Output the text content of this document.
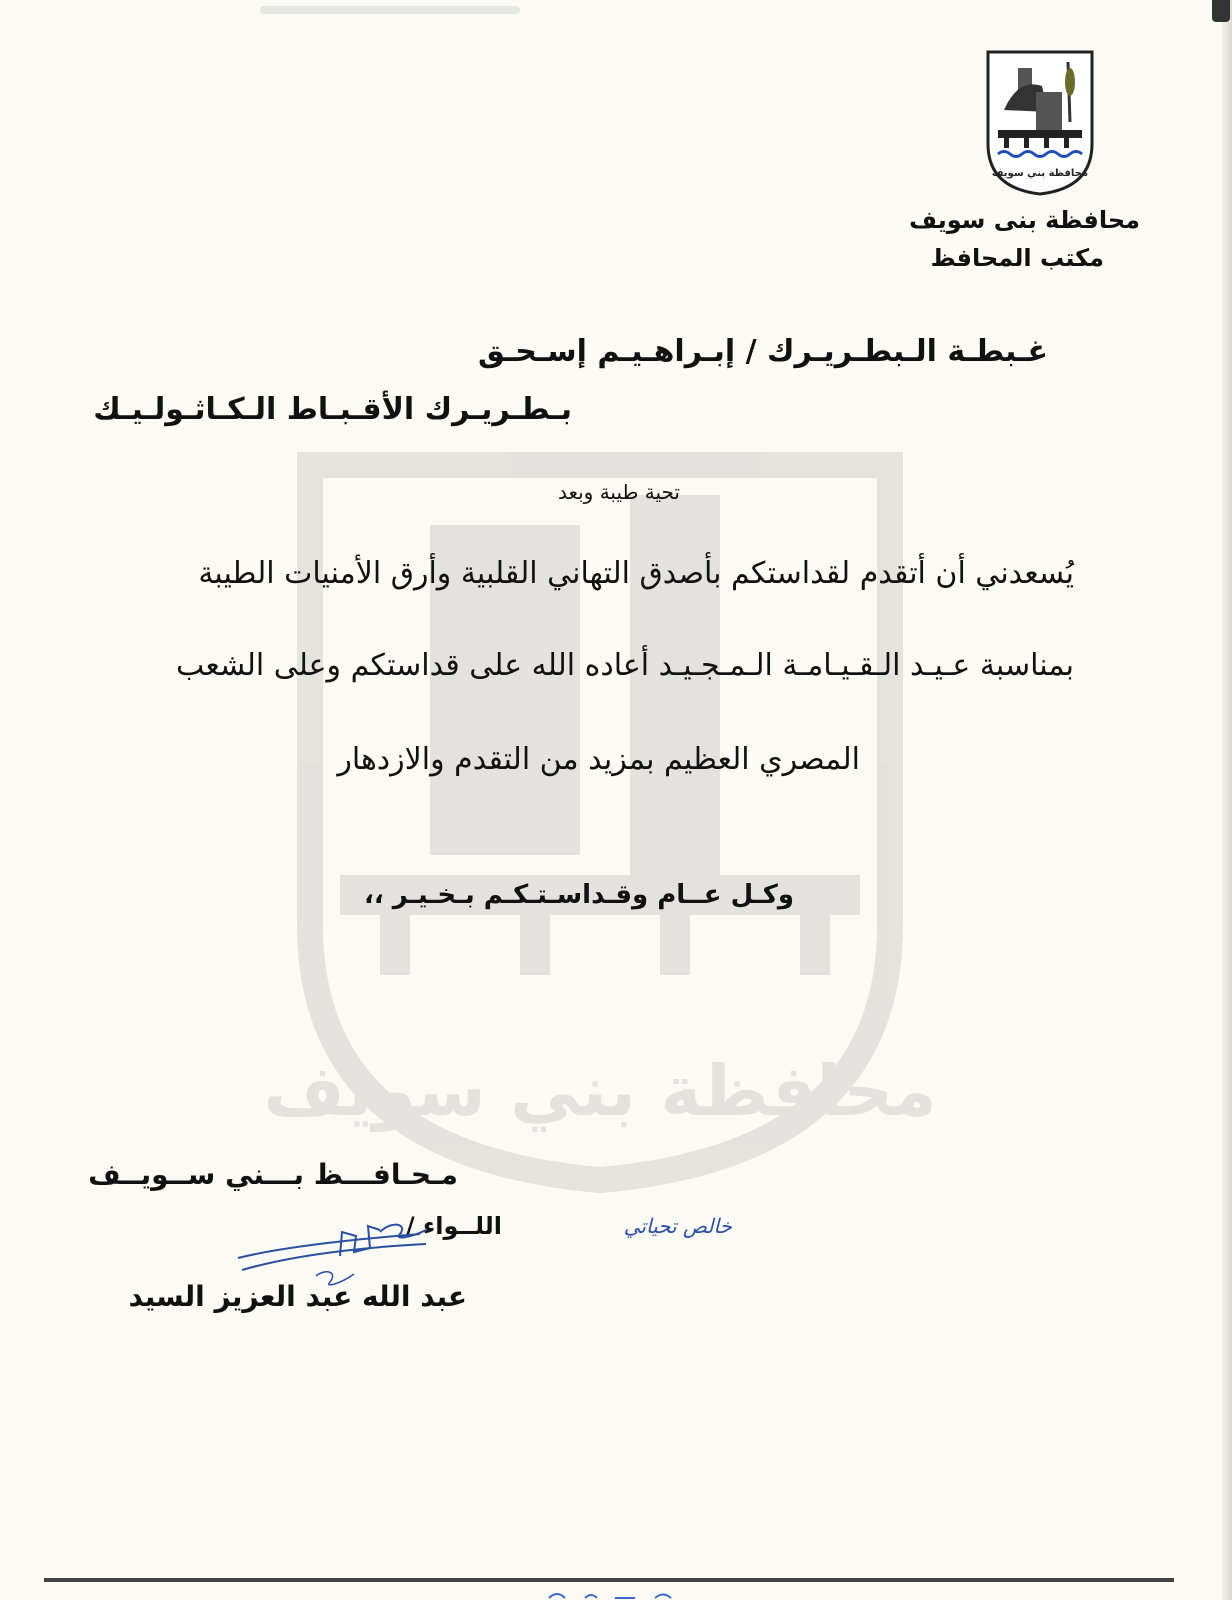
محافظة بني سويف
محافظة بني سويف
محافظة بنى سويف
مكتب المحافظ
غـبطـة الـبطـريـرك / إبـراهـيـم إسـحـق
بـطـريـرك الأقـبـاط الـكـاثـولـيـك
تحية طيبة وبعد
يُسعدني أن أتقدم لقداستكم بأصدق التهاني القلبية وأرق الأمنيات الطيبة
بمناسبة عـيـد الـقـيـامـة الـمـجـيـد أعاده الله على قداستكم وعلى الشعب
المصري العظيم بمزيد من التقدم والازدهار
وكـل عــام وقـداسـتـكـم بـخـيـر ،،
مـحـافـــظ بـــني ســويــف
اللــواء /	خالص تحياتي
عبد الله عبد العزيز السيد
